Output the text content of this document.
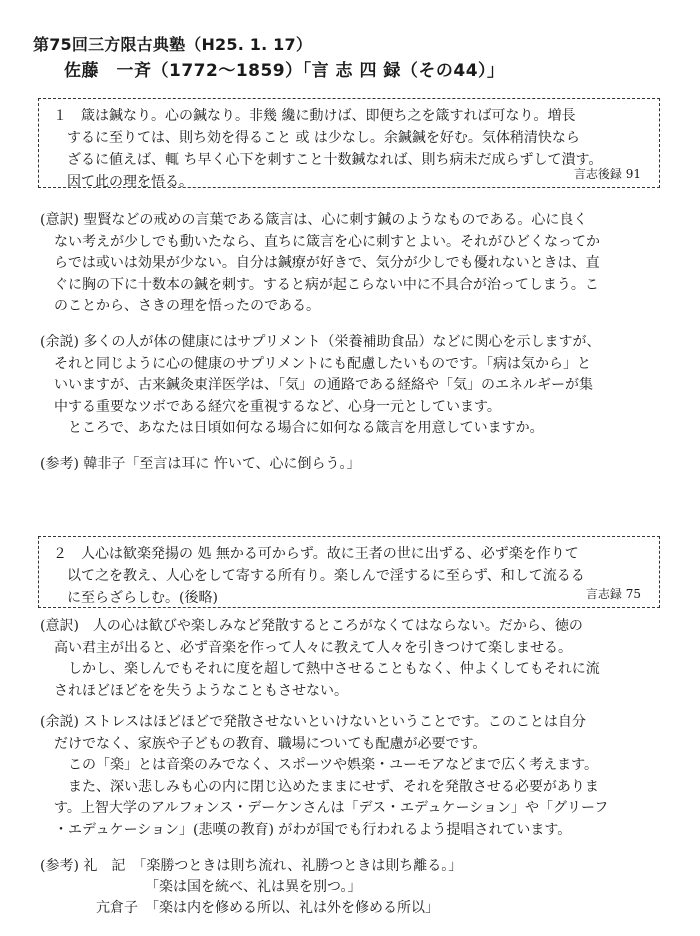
第75回三方限古典塾（H25. 1. 17）
佐藤　一斉（1772～1859）「言 志 四 録（その44）」

１　箴は鍼なり。心の鍼なり。非幾 纔に動けば、即便ち之を箴すれば可なり。増長

　するに至りては、則ち効を得ること 或 は少なし。余鍼鍼を好む。気体稍清快なら

　ざるに値えば、輒 ち早く心下を刺すこと十数鍼なれば、則ち病未だ成らずして潰す。

　因て此の理を悟る。	言志後録 91
(意訳) 聖賢などの戒めの言葉である箴言は、心に刺す鍼のようなものである。心に良く
　ない考えが少しでも動いたなら、直ちに箴言を心に刺すとよい。それがひどくなってか
　らでは或いは効果が少ない。自分は鍼療が好きで、気分が少しでも優れないときは、直
　ぐに胸の下に十数本の鍼を刺す。すると病が起こらない中に不具合が治ってしまう。こ
　のことから、さきの理を悟ったのである。
(余説) 多くの人が体の健康にはサプリメント（栄養補助食品）などに関心を示しますが、
　それと同じように心の健康のサプリメントにも配慮したいものです。「病は気から」と
　いいますが、古来鍼灸東洋医学は、「気」の通路である経絡や「気」のエネルギーが集
　中する重要なツボである経穴を重視するなど、心身一元としています。
　　ところで、あなたは日頃如何なる場合に如何なる箴言を用意していますか。
(参考) 韓非子「至言は耳に 忤いて、心に倒らう。」

２　人心は歓楽発揚の 処 無かる可からず。故に王者の世に出ずる、必ず楽を作りて

　以て之を教え、人心をして寄する所有り。楽しんで淫するに至らず、和して流るる

　に至らざらしむ。(後略)	言志録 75
(意訳)　人の心は歓びや楽しみなど発散するところがなくてはならない。だから、徳の
　高い君主が出ると、必ず音楽を作って人々に教えて人々を引きつけて楽しませる。
　　しかし、楽しんでもそれに度を超して熱中させることもなく、仲よくしてもそれに流
　されほどほどをを失うようなこともさせない。
(余説) ストレスはほどほどで発散させないといけないということです。このことは自分
　だけでなく、家族や子どもの教育、職場についても配慮が必要です。
　　この「楽」とは音楽のみでなく、スポーツや娯楽・ユーモアなどまで広く考えます。
　　また、深い悲しみも心の内に閉じ込めたままにせず、それを発散させる必要がありま
　す。上智大学のアルフォンス・デーケンさんは「デス・エデュケーション」や「グリーフ
　・エデュケーション」(悲嘆の教育) がわが国でも行われるよう提唱されています。
(参考) 礼　記　「楽勝つときは則ち流れ、礼勝つときは則ち離る。」
　　　　　　　　「楽は国を統べ、礼は異を別つ。」
　　　　亢倉子　「楽は内を修める所以、礼は外を修める所以」
